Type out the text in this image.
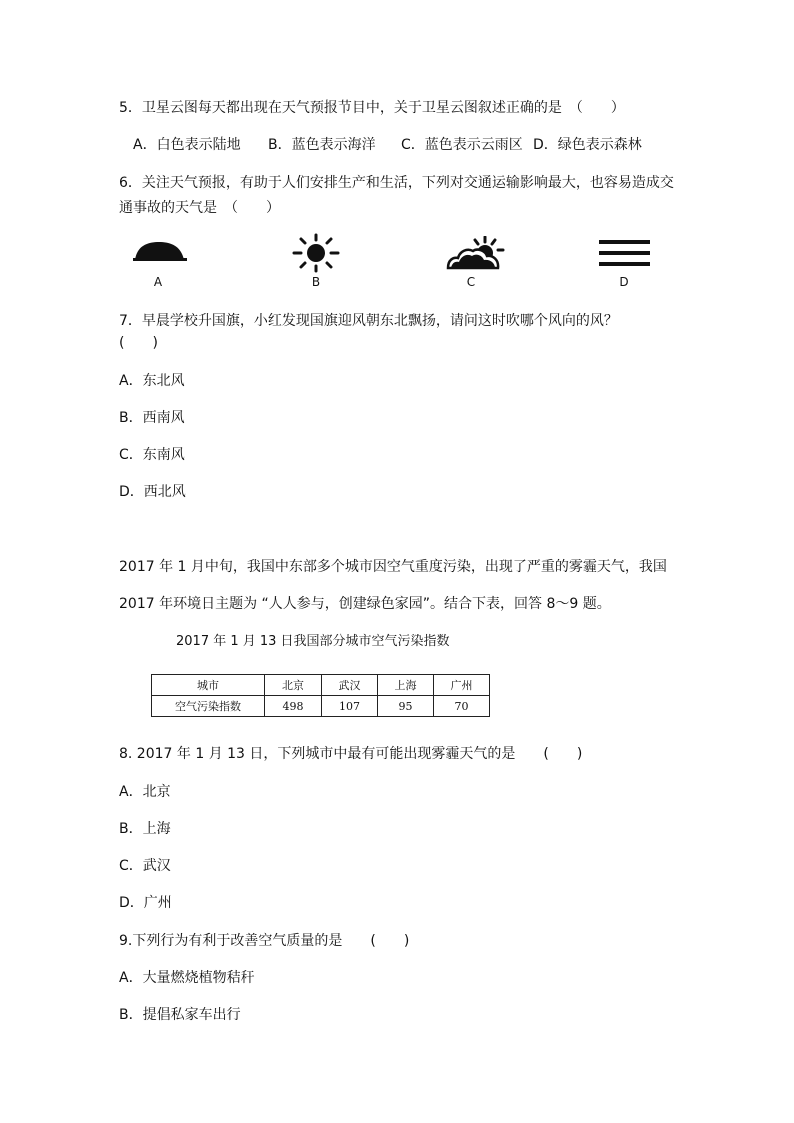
5．卫星云图每天都出现在天气预报节目中，关于卫星云图叙述正确的是　（　　）
A．白色表示陆地 B．蓝色表示海洋 C．蓝色表示云雨区 D．绿色表示森林
6．关注天气预报，有助于人们安排生产和生活，下列对交通运输影响最大，也容易造成交
通事故的天气是　（　　）
A	B	C	D
7．早晨学校升国旗，小红发现国旗迎风朝东北飘扬，请问这时吹哪个风向的风？
(　　)
A．东北风
B．西南风
C．东南风
D．西北风
2017 年 1 月中旬，我国中东部多个城市因空气重度污染，出现了严重的雾霾天气，我国
2017 年环境日主题为 “人人参与，创建绿色家园”。结合下表，回答 8～9 题。
2017 年 1 月 13 日我国部分城市空气污染指数
城市	北京	武汉	上海	广州
空气污染指数	498	107	95	70
8. 2017 年 1 月 13 日，下列城市中最有可能出现雾霾天气的是　　(　　)
A．北京
B．上海
C．武汉
D．广州
9.下列行为有利于改善空气质量的是　　(　　)
A．大量燃烧植物秸秆
B．提倡私家车出行
